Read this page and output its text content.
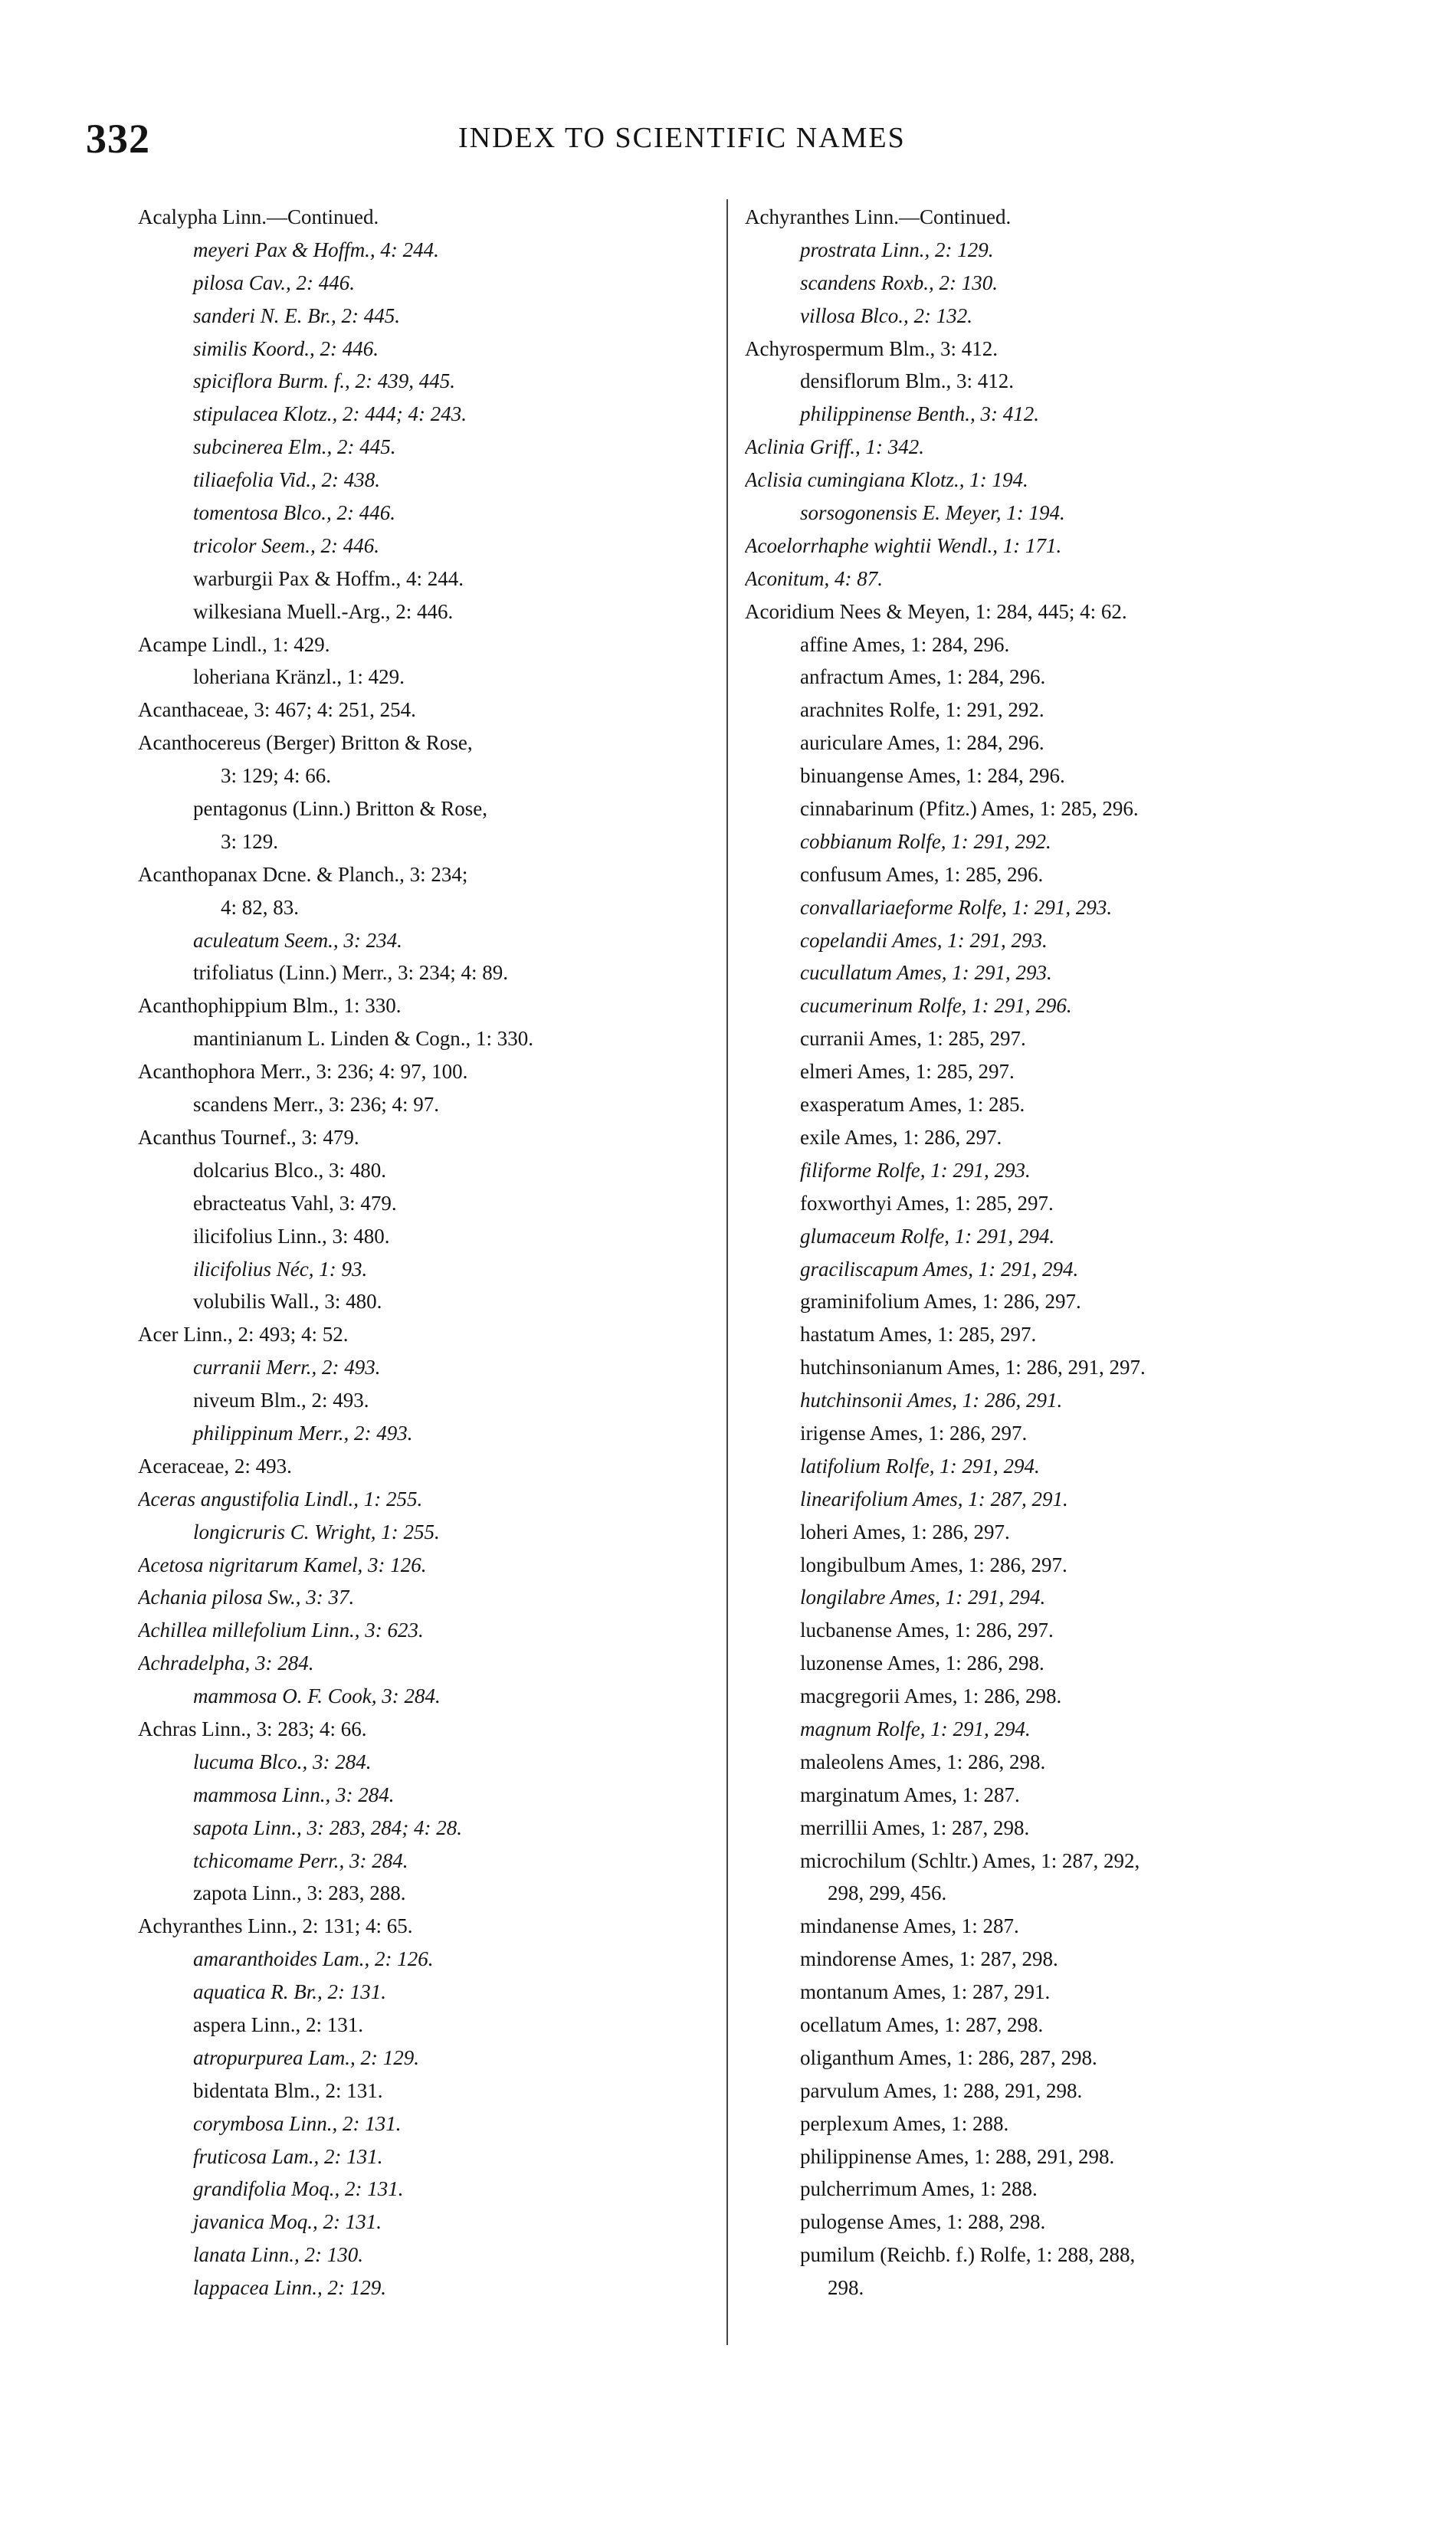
332	INDEX TO SCIENTIFIC NAMES
Acalypha Linn.—Continued.
meyeri Pax & Hoffm., 4: 244.
pilosa Cav., 2: 446.
sanderi N. E. Br., 2: 445.
similis Koord., 2: 446.
spiciflora Burm. f., 2: 439, 445.
stipulacea Klotz., 2: 444; 4: 243.
subcinerea Elm., 2: 445.
tiliaefolia Vid., 2: 438.
tomentosa Blco., 2: 446.
tricolor Seem., 2: 446.
warburgii Pax & Hoffm., 4: 244.
wilkesiana Muell.-Arg., 2: 446.
Acampe Lindl., 1: 429.
loheriana Kränzl., 1: 429.
Acanthaceae, 3: 467; 4: 251, 254.
Acanthocereus (Berger) Britton & Rose,
3: 129; 4: 66.
pentagonus (Linn.) Britton & Rose,
3: 129.
Acanthopanax Dcne. & Planch., 3: 234;
4: 82, 83.
aculeatum Seem., 3: 234.
trifoliatus (Linn.) Merr., 3: 234; 4: 89.
Acanthophippium Blm., 1: 330.
mantinianum L. Linden & Cogn., 1: 330.
Acanthophora Merr., 3: 236; 4: 97, 100.
scandens Merr., 3: 236; 4: 97.
Acanthus Tournef., 3: 479.
dolcarius Blco., 3: 480.
ebracteatus Vahl, 3: 479.
ilicifolius Linn., 3: 480.
ilicifolius Néc, 1: 93.
volubilis Wall., 3: 480.
Acer Linn., 2: 493; 4: 52.
curranii Merr., 2: 493.
niveum Blm., 2: 493.
philippinum Merr., 2: 493.
Aceraceae, 2: 493.
Aceras angustifolia Lindl., 1: 255.
longicruris C. Wright, 1: 255.
Acetosa nigritarum Kamel, 3: 126.
Achania pilosa Sw., 3: 37.
Achillea millefolium Linn., 3: 623.
Achradelpha, 3: 284.
mammosa O. F. Cook, 3: 284.
Achras Linn., 3: 283; 4: 66.
lucuma Blco., 3: 284.
mammosa Linn., 3: 284.
sapota Linn., 3: 283, 284; 4: 28.
tchicomame Perr., 3: 284.
zapota Linn., 3: 283, 288.
Achyranthes Linn., 2: 131; 4: 65.
amaranthoides Lam., 2: 126.
aquatica R. Br., 2: 131.
aspera Linn., 2: 131.
atropurpurea Lam., 2: 129.
bidentata Blm., 2: 131.
corymbosa Linn., 2: 131.
fruticosa Lam., 2: 131.
grandifolia Moq., 2: 131.
javanica Moq., 2: 131.
lanata Linn., 2: 130.
lappacea Linn., 2: 129.
Achyranthes Linn.—Continued.
prostrata Linn., 2: 129.
scandens Roxb., 2: 130.
villosa Blco., 2: 132.
Achyrospermum Blm., 3: 412.
densiflorum Blm., 3: 412.
philippinense Benth., 3: 412.
Aclinia Griff., 1: 342.
Aclisia cumingiana Klotz., 1: 194.
sorsogonensis E. Meyer, 1: 194.
Acoelorrhaphe wightii Wendl., 1: 171.
Aconitum, 4: 87.
Acoridium Nees & Meyen, 1: 284, 445; 4: 62.
affine Ames, 1: 284, 296.
anfractum Ames, 1: 284, 296.
arachnites Rolfe, 1: 291, 292.
auriculare Ames, 1: 284, 296.
binuangense Ames, 1: 284, 296.
cinnabarinum (Pfitz.) Ames, 1: 285, 296.
cobbianum Rolfe, 1: 291, 292.
confusum Ames, 1: 285, 296.
convallariaeforme Rolfe, 1: 291, 293.
copelandii Ames, 1: 291, 293.
cucullatum Ames, 1: 291, 293.
cucumerinum Rolfe, 1: 291, 296.
curranii Ames, 1: 285, 297.
elmeri Ames, 1: 285, 297.
exasperatum Ames, 1: 285.
exile Ames, 1: 286, 297.
filiforme Rolfe, 1: 291, 293.
foxworthyi Ames, 1: 285, 297.
glumaceum Rolfe, 1: 291, 294.
graciliscapum Ames, 1: 291, 294.
graminifolium Ames, 1: 286, 297.
hastatum Ames, 1: 285, 297.
hutchinsonianum Ames, 1: 286, 291, 297.
hutchinsonii Ames, 1: 286, 291.
irigense Ames, 1: 286, 297.
latifolium Rolfe, 1: 291, 294.
linearifolium Ames, 1: 287, 291.
loheri Ames, 1: 286, 297.
longibulbum Ames, 1: 286, 297.
longilabre Ames, 1: 291, 294.
lucbanense Ames, 1: 286, 297.
luzonense Ames, 1: 286, 298.
macgregorii Ames, 1: 286, 298.
magnum Rolfe, 1: 291, 294.
maleolens Ames, 1: 286, 298.
marginatum Ames, 1: 287.
merrillii Ames, 1: 287, 298.
microchilum (Schltr.) Ames, 1: 287, 292,
298, 299, 456.
mindanense Ames, 1: 287.
mindorense Ames, 1: 287, 298.
montanum Ames, 1: 287, 291.
ocellatum Ames, 1: 287, 298.
oliganthum Ames, 1: 286, 287, 298.
parvulum Ames, 1: 288, 291, 298.
perplexum Ames, 1: 288.
philippinense Ames, 1: 288, 291, 298.
pulcherrimum Ames, 1: 288.
pulogense Ames, 1: 288, 298.
pumilum (Reichb. f.) Rolfe, 1: 288, 288,
298.
